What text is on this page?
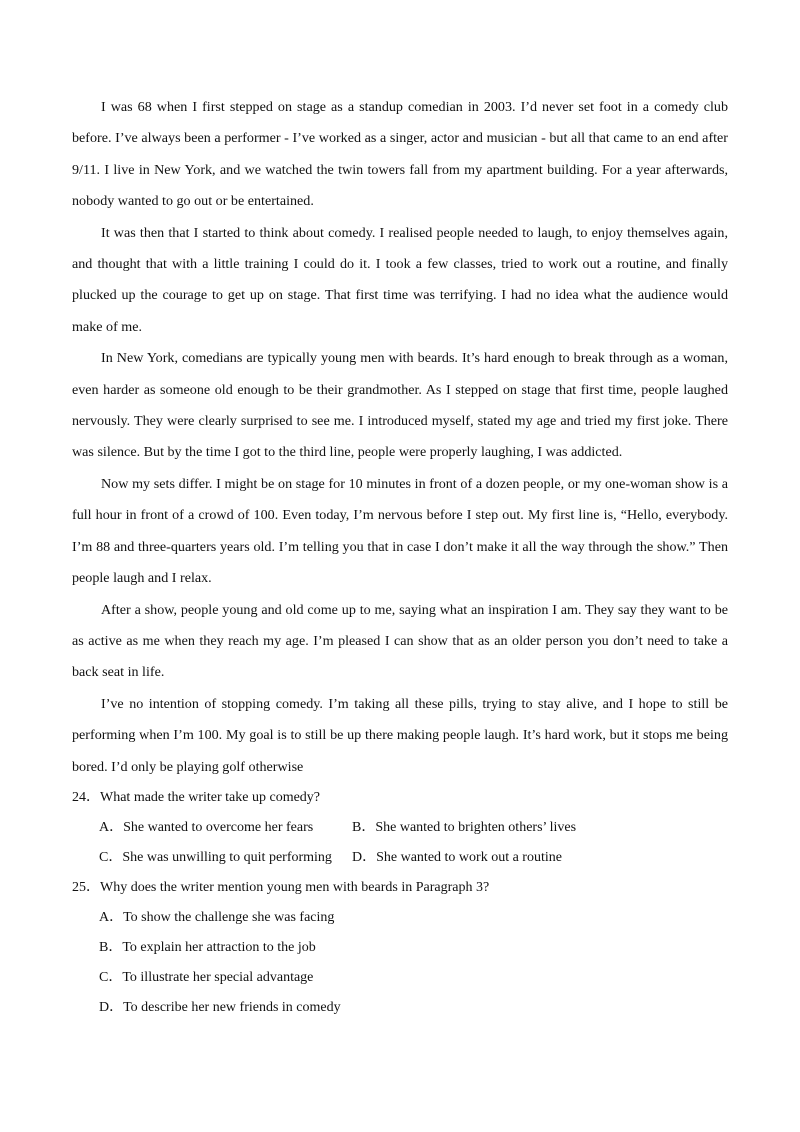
I was 68 when I first stepped on stage as a standup comedian in 2003. I’d never set foot in a comedy club before. I’ve always been a performer - I’ve worked as a singer, actor and musician - but all that came to an end after 9/11. I live in New York, and we watched the twin towers fall from my apartment building. For a year afterwards, nobody wanted to go out or be entertained.

It was then that I started to think about comedy. I realised people needed to laugh, to enjoy themselves again, and thought that with a little training I could do it. I took a few classes, tried to work out a routine, and finally plucked up the courage to get up on stage. That first time was terrifying. I had no idea what the audience would make of me.

In New York, comedians are typically young men with beards. It’s hard enough to break through as a woman, even harder as someone old enough to be their grandmother. As I stepped on stage that first time, people laughed nervously. They were clearly surprised to see me. I introduced myself, stated my age and tried my first joke. There was silence. But by the time I got to the third line, people were properly laughing, I was addicted.

Now my sets differ. I might be on stage for 10 minutes in front of a dozen people, or my one-woman show is a full hour in front of a crowd of 100. Even today, I’m nervous before I step out. My first line is, “Hello, everybody. I’m 88 and three-quarters years old. I’m telling you that in case I don’t make it all the way through the show.” Then people laugh and I relax.

After a show, people young and old come up to me, saying what an inspiration I am. They say they want to be as active as me when they reach my age. I’m pleased I can show that as an older person you don’t need to take a back seat in life.

I’ve no intention of stopping comedy. I’m taking all these pills, trying to stay alive, and I hope to still be performing when I’m 100. My goal is to still be up there making people laugh. It’s hard work, but it stops me being bored. I’d only be playing golf otherwise

24．What made the writer take up comedy?
A．She wanted to overcome her fears	B．She wanted to brighten others’ lives
C．She was unwilling to quit performing	D．She wanted to work out a routine
25．Why does the writer mention young men with beards in Paragraph 3?
A．To show the challenge she was facing
B．To explain her attraction to the job
C．To illustrate her special advantage
D．To describe her new friends in comedy
